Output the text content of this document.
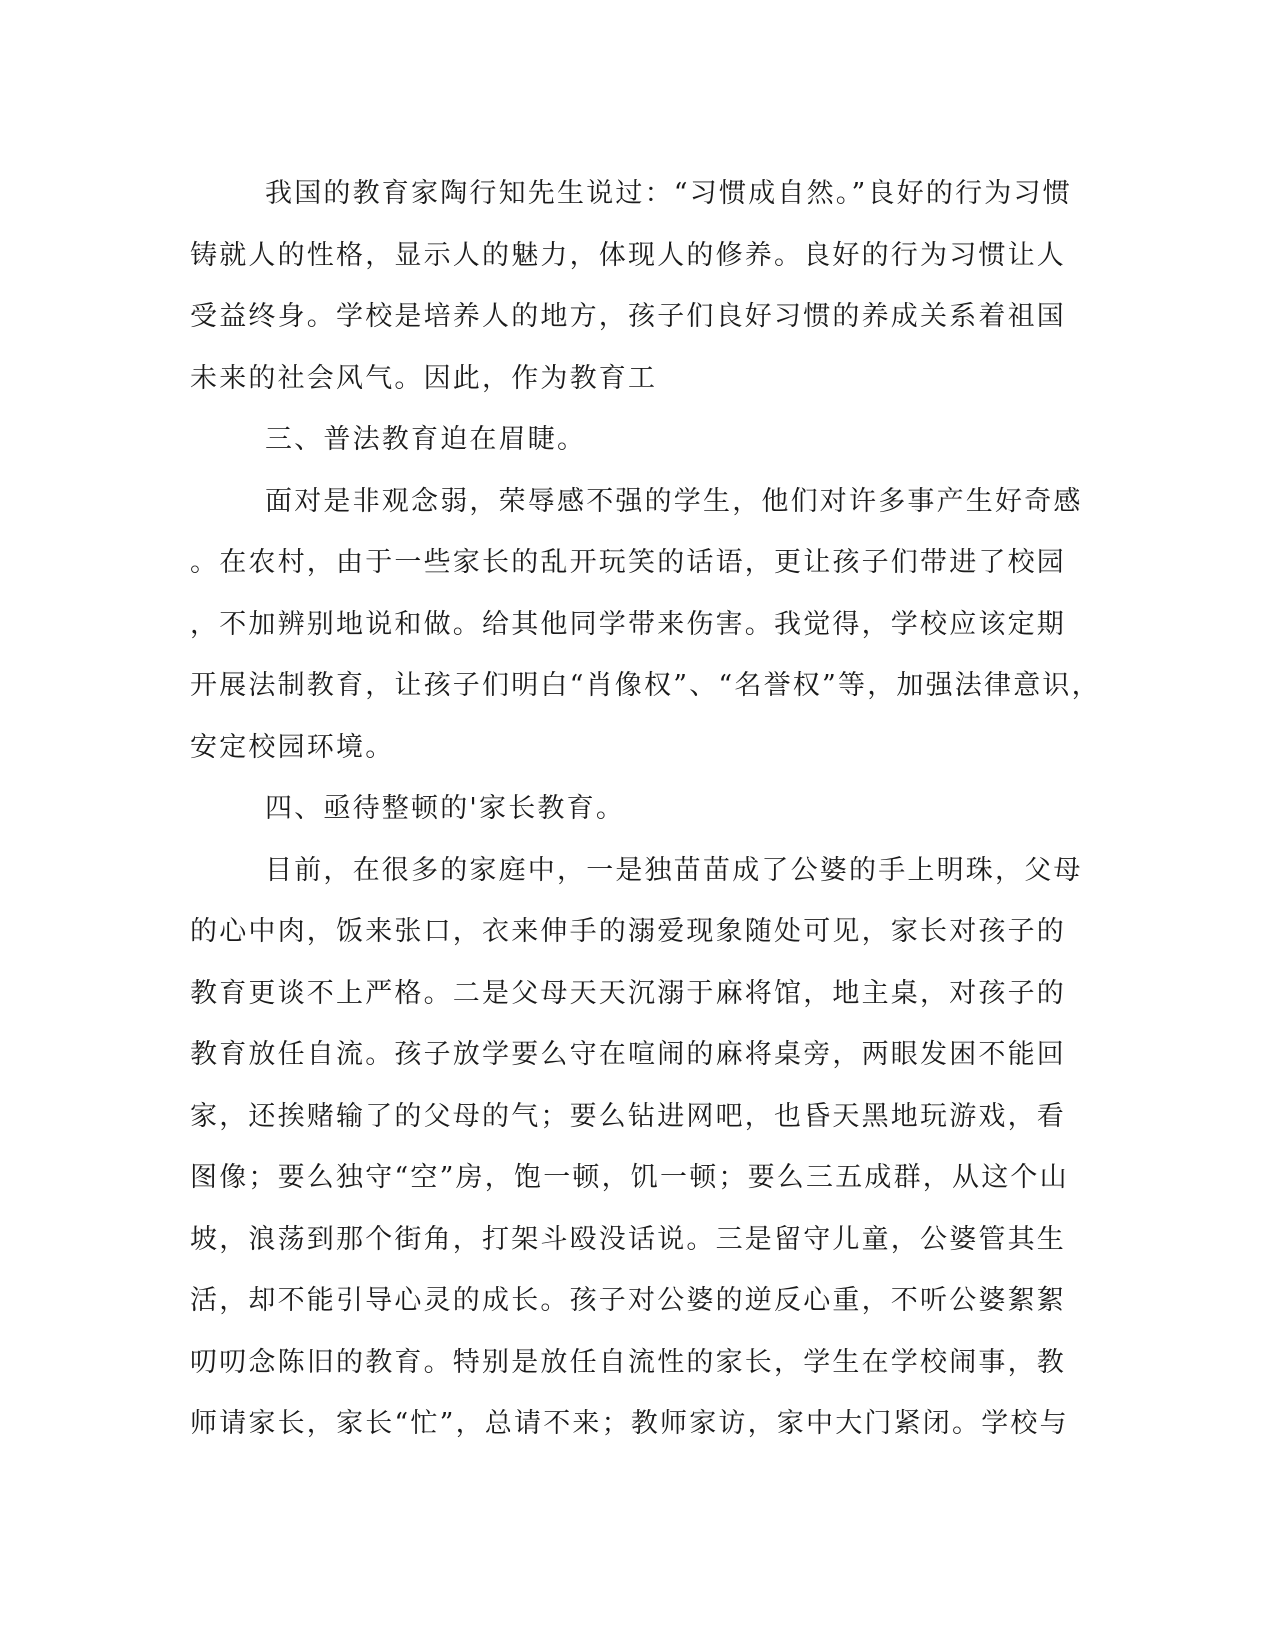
我国的教育家陶行知先生说过：“习惯成自然。”良好的行为习惯
铸就人的性格，显示人的魅力，体现人的修养。良好的行为习惯让人
受益终身。学校是培养人的地方，孩子们良好习惯的养成关系着祖国
未来的社会风气。因此，作为教育工
三、普法教育迫在眉睫。
面对是非观念弱，荣辱感不强的学生，他们对许多事产生好奇感
。在农村，由于一些家长的乱开玩笑的话语，更让孩子们带进了校园
，不加辨别地说和做。给其他同学带来伤害。我觉得，学校应该定期
开展法制教育，让孩子们明白“肖像权”、“名誉权”等，加强法律意识，
安定校园环境。
四、亟待整顿的'家长教育。
目前，在很多的家庭中，一是独苗苗成了公婆的手上明珠，父母
的心中肉，饭来张口，衣来伸手的溺爱现象随处可见，家长对孩子的
教育更谈不上严格。二是父母天天沉溺于麻将馆，地主桌，对孩子的
教育放任自流。孩子放学要么守在喧闹的麻将桌旁，两眼发困不能回
家，还挨赌输了的父母的气；要么钻进网吧，也昏天黑地玩游戏，看
图像；要么独守“空”房，饱一顿，饥一顿；要么三五成群，从这个山
坡，浪荡到那个街角，打架斗殴没话说。三是留守儿童，公婆管其生
活，却不能引导心灵的成长。孩子对公婆的逆反心重，不听公婆絮絮
叨叨念陈旧的教育。特别是放任自流性的家长，学生在学校闹事，教
师请家长，家长“忙”，总请不来；教师家访，家中大门紧闭。学校与
